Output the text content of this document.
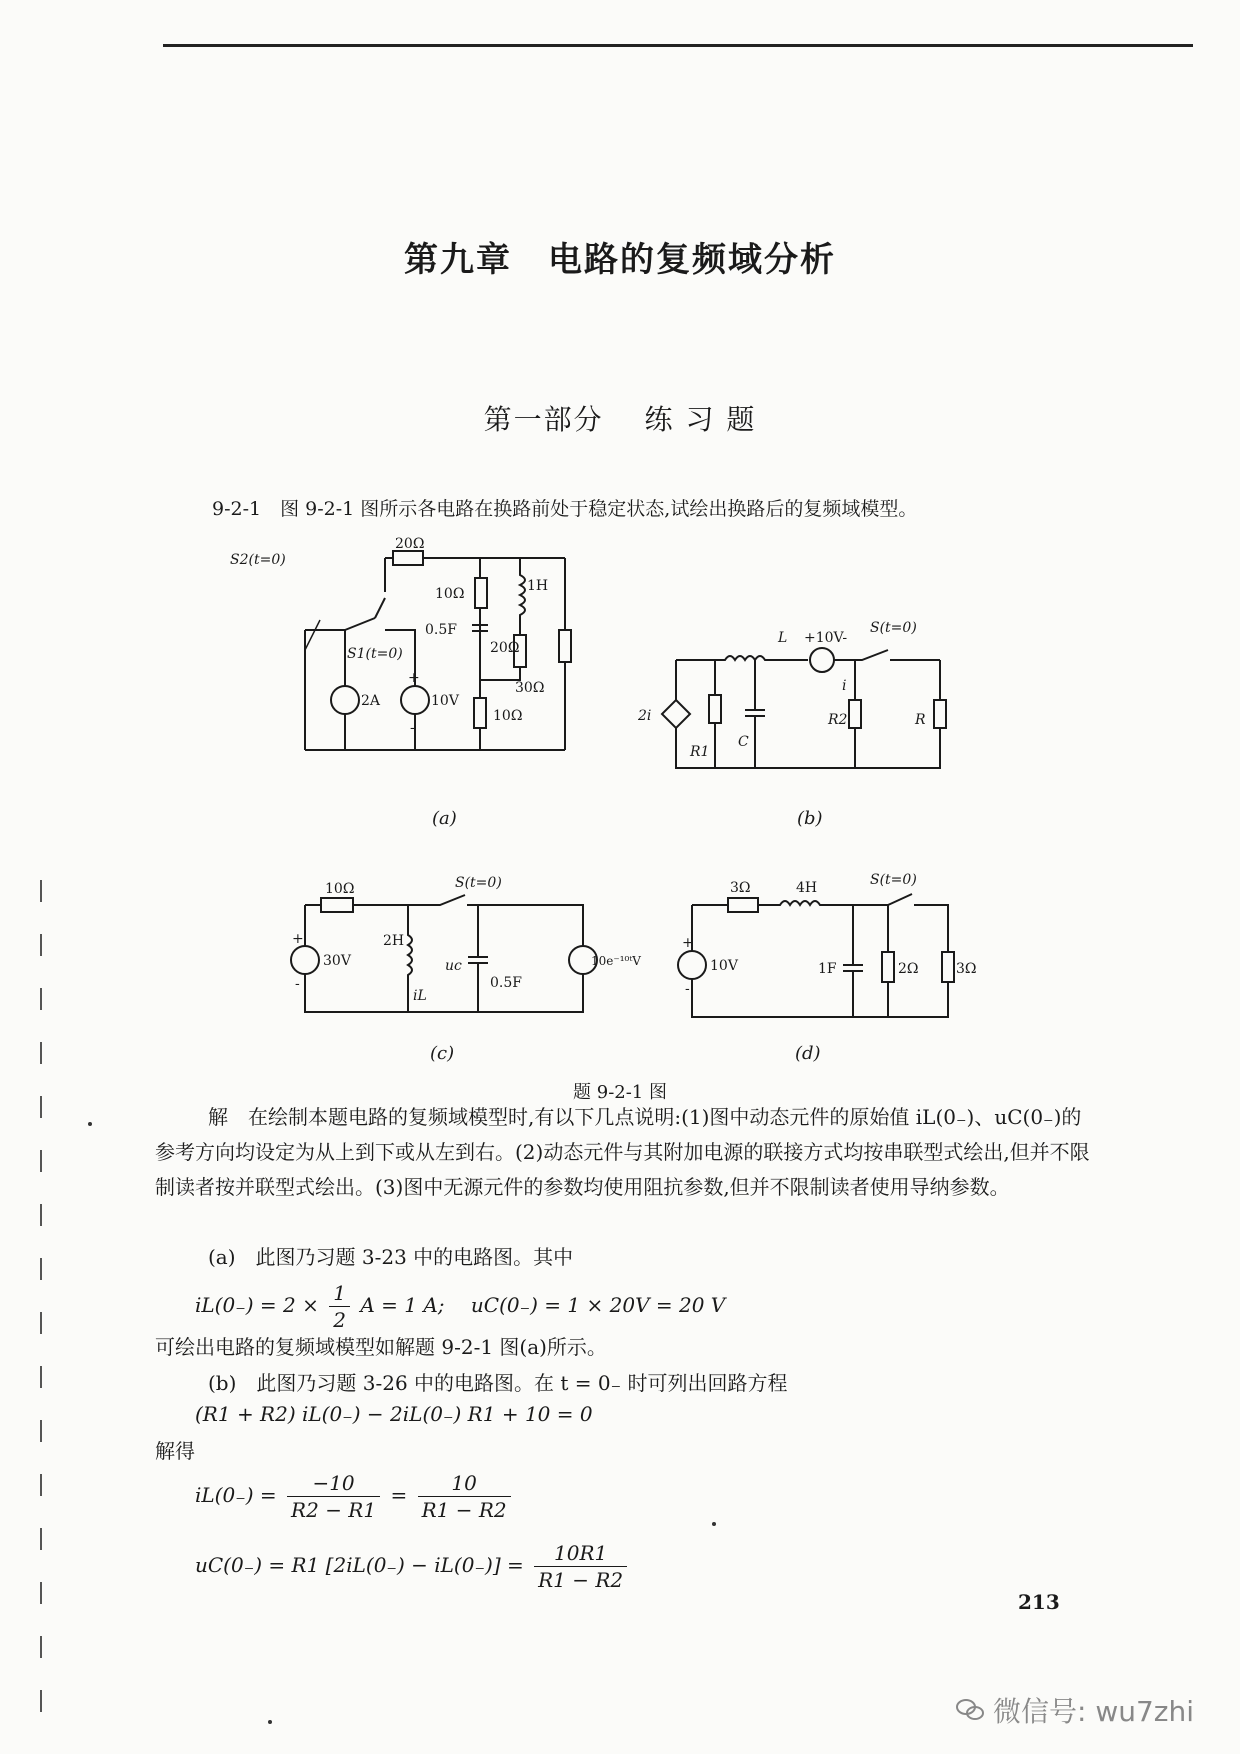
第九章　电路的复频域分析
第一部分　 练 习 题
9-2-1　图 9-2-1 图所示各电路在换路前处于稳定状态,试绘出换路后的复频域模型。
S2(t=0)
20Ω
10Ω	1H
0.5F
20Ω
30Ω
S1(t=0)
2A	10V
+
-
10Ω
(a)
L +10V-
S(t=0)
2i
R1
C
i
R2	R
(b)
10Ω	S(t=0)
30V
+
-
2H
iL
uc
0.5F
10e⁻¹⁰ᵗV
(c)
3Ω	4H	S(t=0)
10V
+
-
1F	2Ω	3Ω
(d)
题 9-2-1 图
解　在绘制本题电路的复频域模型时,有以下几点说明:(1)图中动态元件的原始值 iL(0₋)、uC(0₋)的参考方向均设定为从上到下或从左到右。(2)动态元件与其附加电源的联接方式均按串联型式绘出,但并不限制读者按并联型式绘出。(3)图中无源元件的参数均使用阻抗参数,但并不限制读者使用导纳参数。
(a)　此图乃习题 3-23 中的电路图。其中
$iL(0_-) = 2 \times \frac{1}{2}$ A = 1 A;　 uC(0₋) = 1 × 20V = 20 V
可绘出电路的复频域模型如解题 9-2-1 图(a)所示。
(b)　此图乃习题 3-26 中的电路图。在 t = 0₋ 时可列出回路方程
(R1 + R2) iL(0₋) − 2iL(0₋) R1 + 10 = 0
解得
$iL(0_-) = \frac{-10}{R2 - R1} = \frac{10}{R1 - R2}$
uC(0₋) = R1 $[2iL(0_-) - iL(0_-)] = \frac{10R1}{R1 - R2}$
213
微信号: wu7zhi
